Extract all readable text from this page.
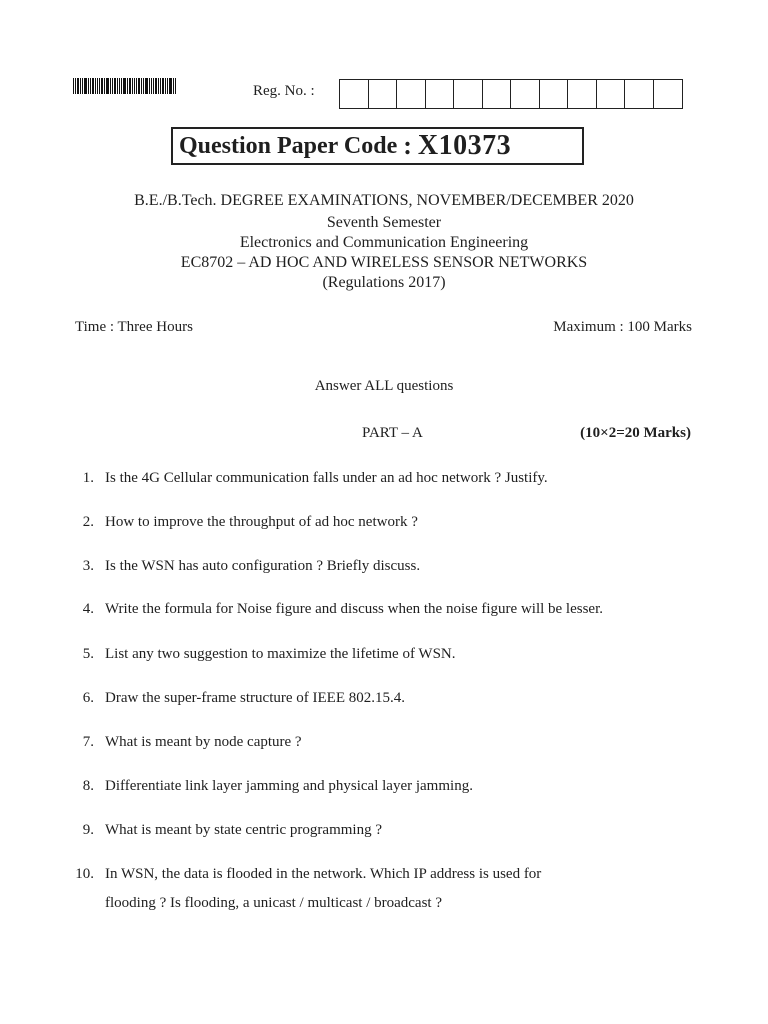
Reg. No. :
Question Paper Code : X10373
B.E./B.Tech. DEGREE EXAMINATIONS, NOVEMBER/DECEMBER 2020
Seventh Semester
Electronics and Communication Engineering
EC8702 – AD HOC AND WIRELESS SENSOR NETWORKS
(Regulations 2017)
Time : Three Hours	Maximum : 100 Marks
Answer ALL questions
PART – A	(10×2=20 Marks)
1. Is the 4G Cellular communication falls under an ad hoc network ? Justify.
2. How to improve the throughput of ad hoc network ?
3. Is the WSN has auto configuration ? Briefly discuss.
4. Write the formula for Noise figure and discuss when the noise figure will be lesser.
5. List any two suggestion to maximize the lifetime of WSN.
6. Draw the super-frame structure of IEEE 802.15.4.
7. What is meant by node capture ?
8. Differentiate link layer jamming and physical layer jamming.
9. What is meant by state centric programming ?
10. In WSN, the data is flooded in the network. Which IP address is used for
flooding ? Is flooding, a unicast / multicast / broadcast ?
